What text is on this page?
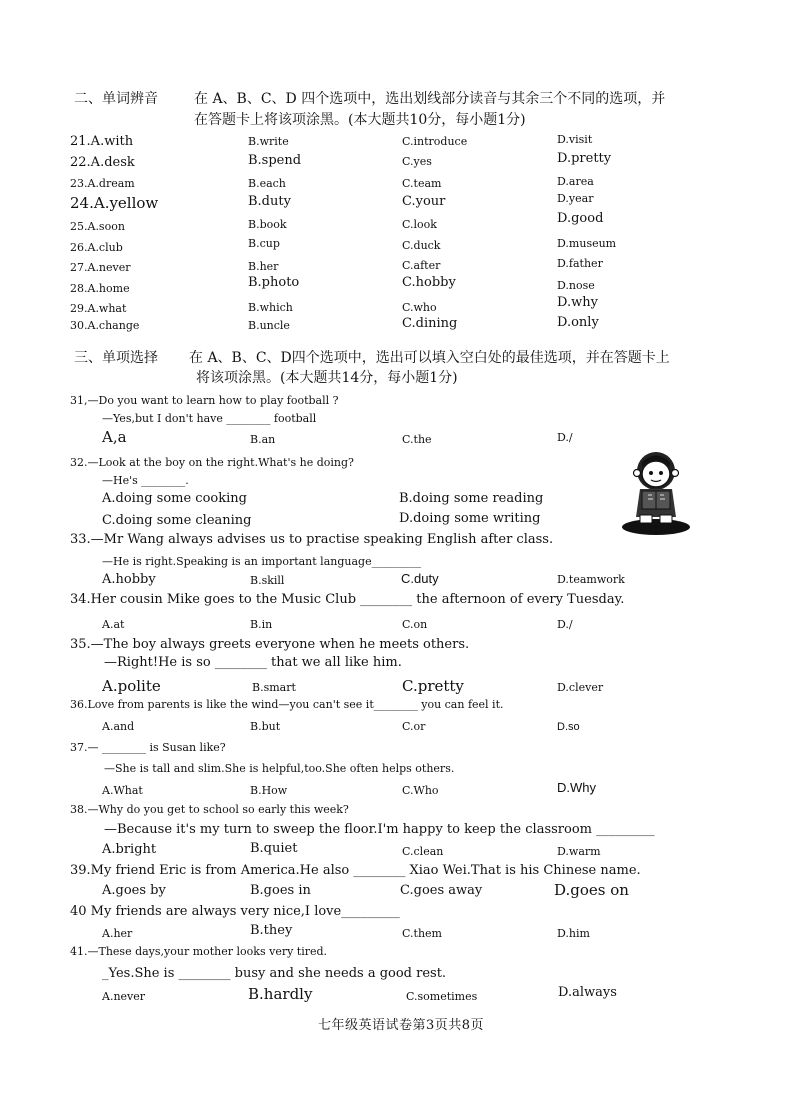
二、单词辨音	在 A、B、C、D 四个选项中，选出划线部分读音与其余三个不同的选项，并
在答题卡上将该项涂黑。(本大题共10分，每小题1分)
21.A.with	B.write	C.introduce	D.visit
22.A.desk	B.spend	C.yes	D.pretty
23.A.dream	B.each	C.team	D.area
24.A.yellow	B.duty	C.your	D.year
25.A.soon	B.book	C.look	D.good
26.A.club	B.cup	C.duck	D.museum
27.A.never	B.her	C.after	D.father
28.A.home	B.photo	C.hobby	D.nose
29.A.what	B.which	C.who	D.why
30.A.change	B.uncle	C.dining	D.only
三、单项选择 在 A、B、C、D四个选项中，选出可以填入空白处的最佳选项，并在答题卡上
将该项涂黑。(本大题共14分，每小题1分)
31,—Do you want to learn how to play football ?
—Yes,but I don't have ________ football
A,a	B.an	C.the	D./
32.—Look at the boy on the right.What's he doing?
—He's ________.
A.doing some cooking	B.doing some reading
C.doing some cleaning	D.doing some writing
33.—Mr Wang always advises us to practise speaking English after class.
—He is right.Speaking is an important language_________
A.hobby	B.skill	C.duty	D.teamwork
34.Her cousin Mike goes to the Music Club ________ the afternoon of every Tuesday.
A.at	B.in	C.on	D./
35.—The boy always greets everyone when he meets others.
—Right!He is so ________ that we all like him.
A.polite	B.smart	C.pretty	D.clever
36.Love from parents is like the wind—you can't see it________ you can feel it.
A.and	B.but	C.or	D.so
37.— ________ is Susan like?
—She is tall and slim.She is helpful,too.She often helps others.
A.What	B.How	C.Who	D.Why
38.—Why do you get to school so early this week?
—Because it's my turn to sweep the floor.I'm happy to keep the classroom _________
A.bright	B.quiet	C.clean	D.warm
39.My friend Eric is from America.He also ________ Xiao Wei.That is his Chinese name.
A.goes by	B.goes in	C.goes away	D.goes on
40 My friends are always very nice,I love_________
A.her	B.they	C.them	D.him
41.—These days,your mother looks very tired.
_Yes.She is ________ busy and she needs a good rest.
A.never	B.hardly	C.sometimes	D.always
七年级英语试卷第3页共8页
